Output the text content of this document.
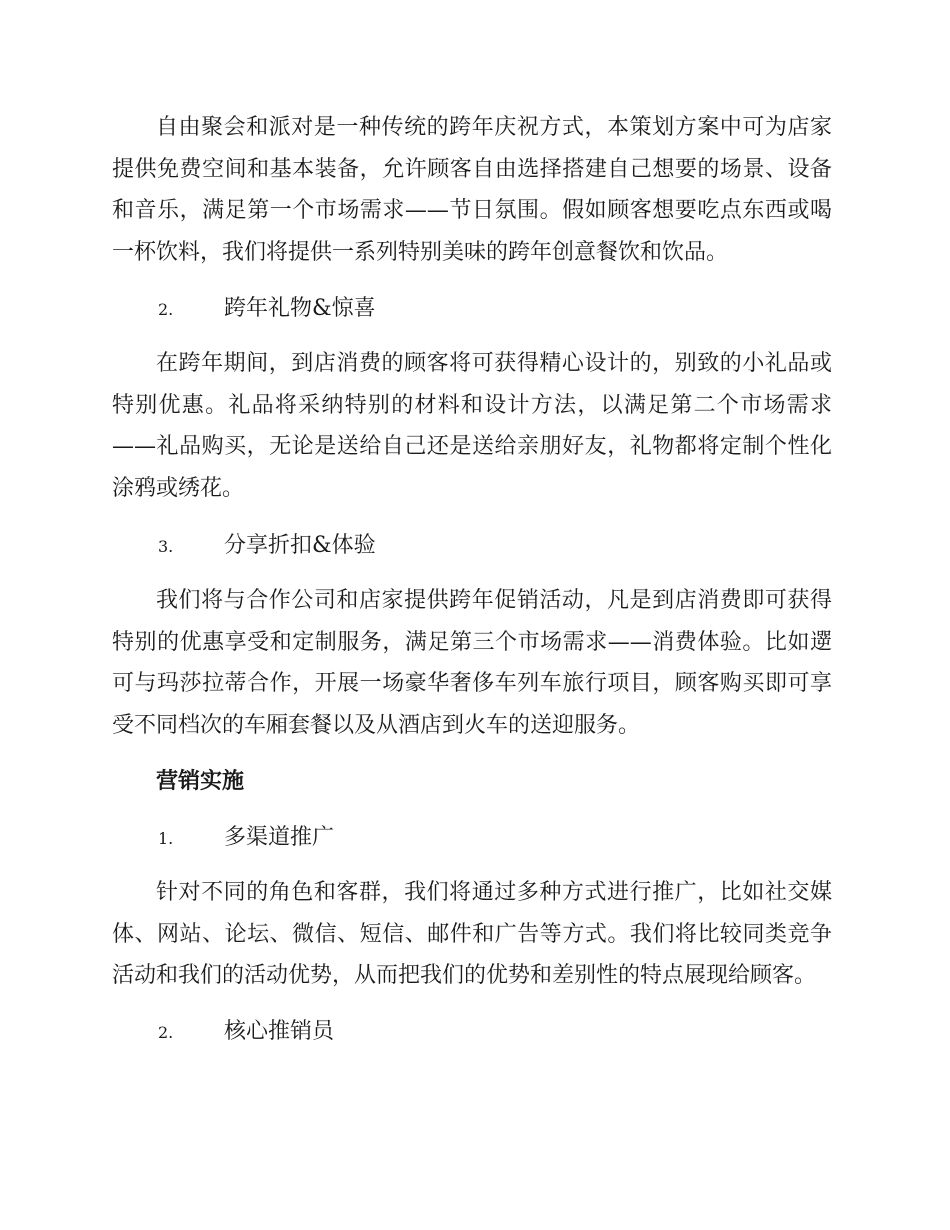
自由聚会和派对是一种传统的跨年庆祝方式，本策划方案中可为店家提供免费空间和基本装备，允许顾客自由选择搭建自己想要的场景、设备和音乐，满足第一个市场需求——节日氛围。假如顾客想要吃点东西或喝一杯饮料，我们将提供一系列特别美味的跨年创意餐饮和饮品。

2. 跨年礼物&惊喜

在跨年期间，到店消费的顾客将可获得精心设计的，别致的小礼品或特别优惠。礼品将采纳特别的材料和设计方法，以满足第二个市场需求——礼品购买，无论是送给自己还是送给亲朋好友，礼物都将定制个性化涂鸦或绣花。

3. 分享折扣&体验

我们将与合作公司和店家提供跨年促销活动，凡是到店消费即可获得特别的优惠享受和定制服务，满足第三个市场需求——消费体验。比如遻可与玛莎拉蒂合作，开展一场豪华奢侈车列车旅行项目，顾客购买即可享受不同档次的车厢套餐以及从酒店到火车的送迎服务。

营销实施
1. 多渠道推广

针对不同的角色和客群，我们将通过多种方式进行推广，比如社交媒体、网站、论坛、微信、短信、邮件和广告等方式。我们将比较同类竞争活动和我们的活动优势，从而把我们的优势和差别性的特点展现给顾客。

2. 核心推销员
